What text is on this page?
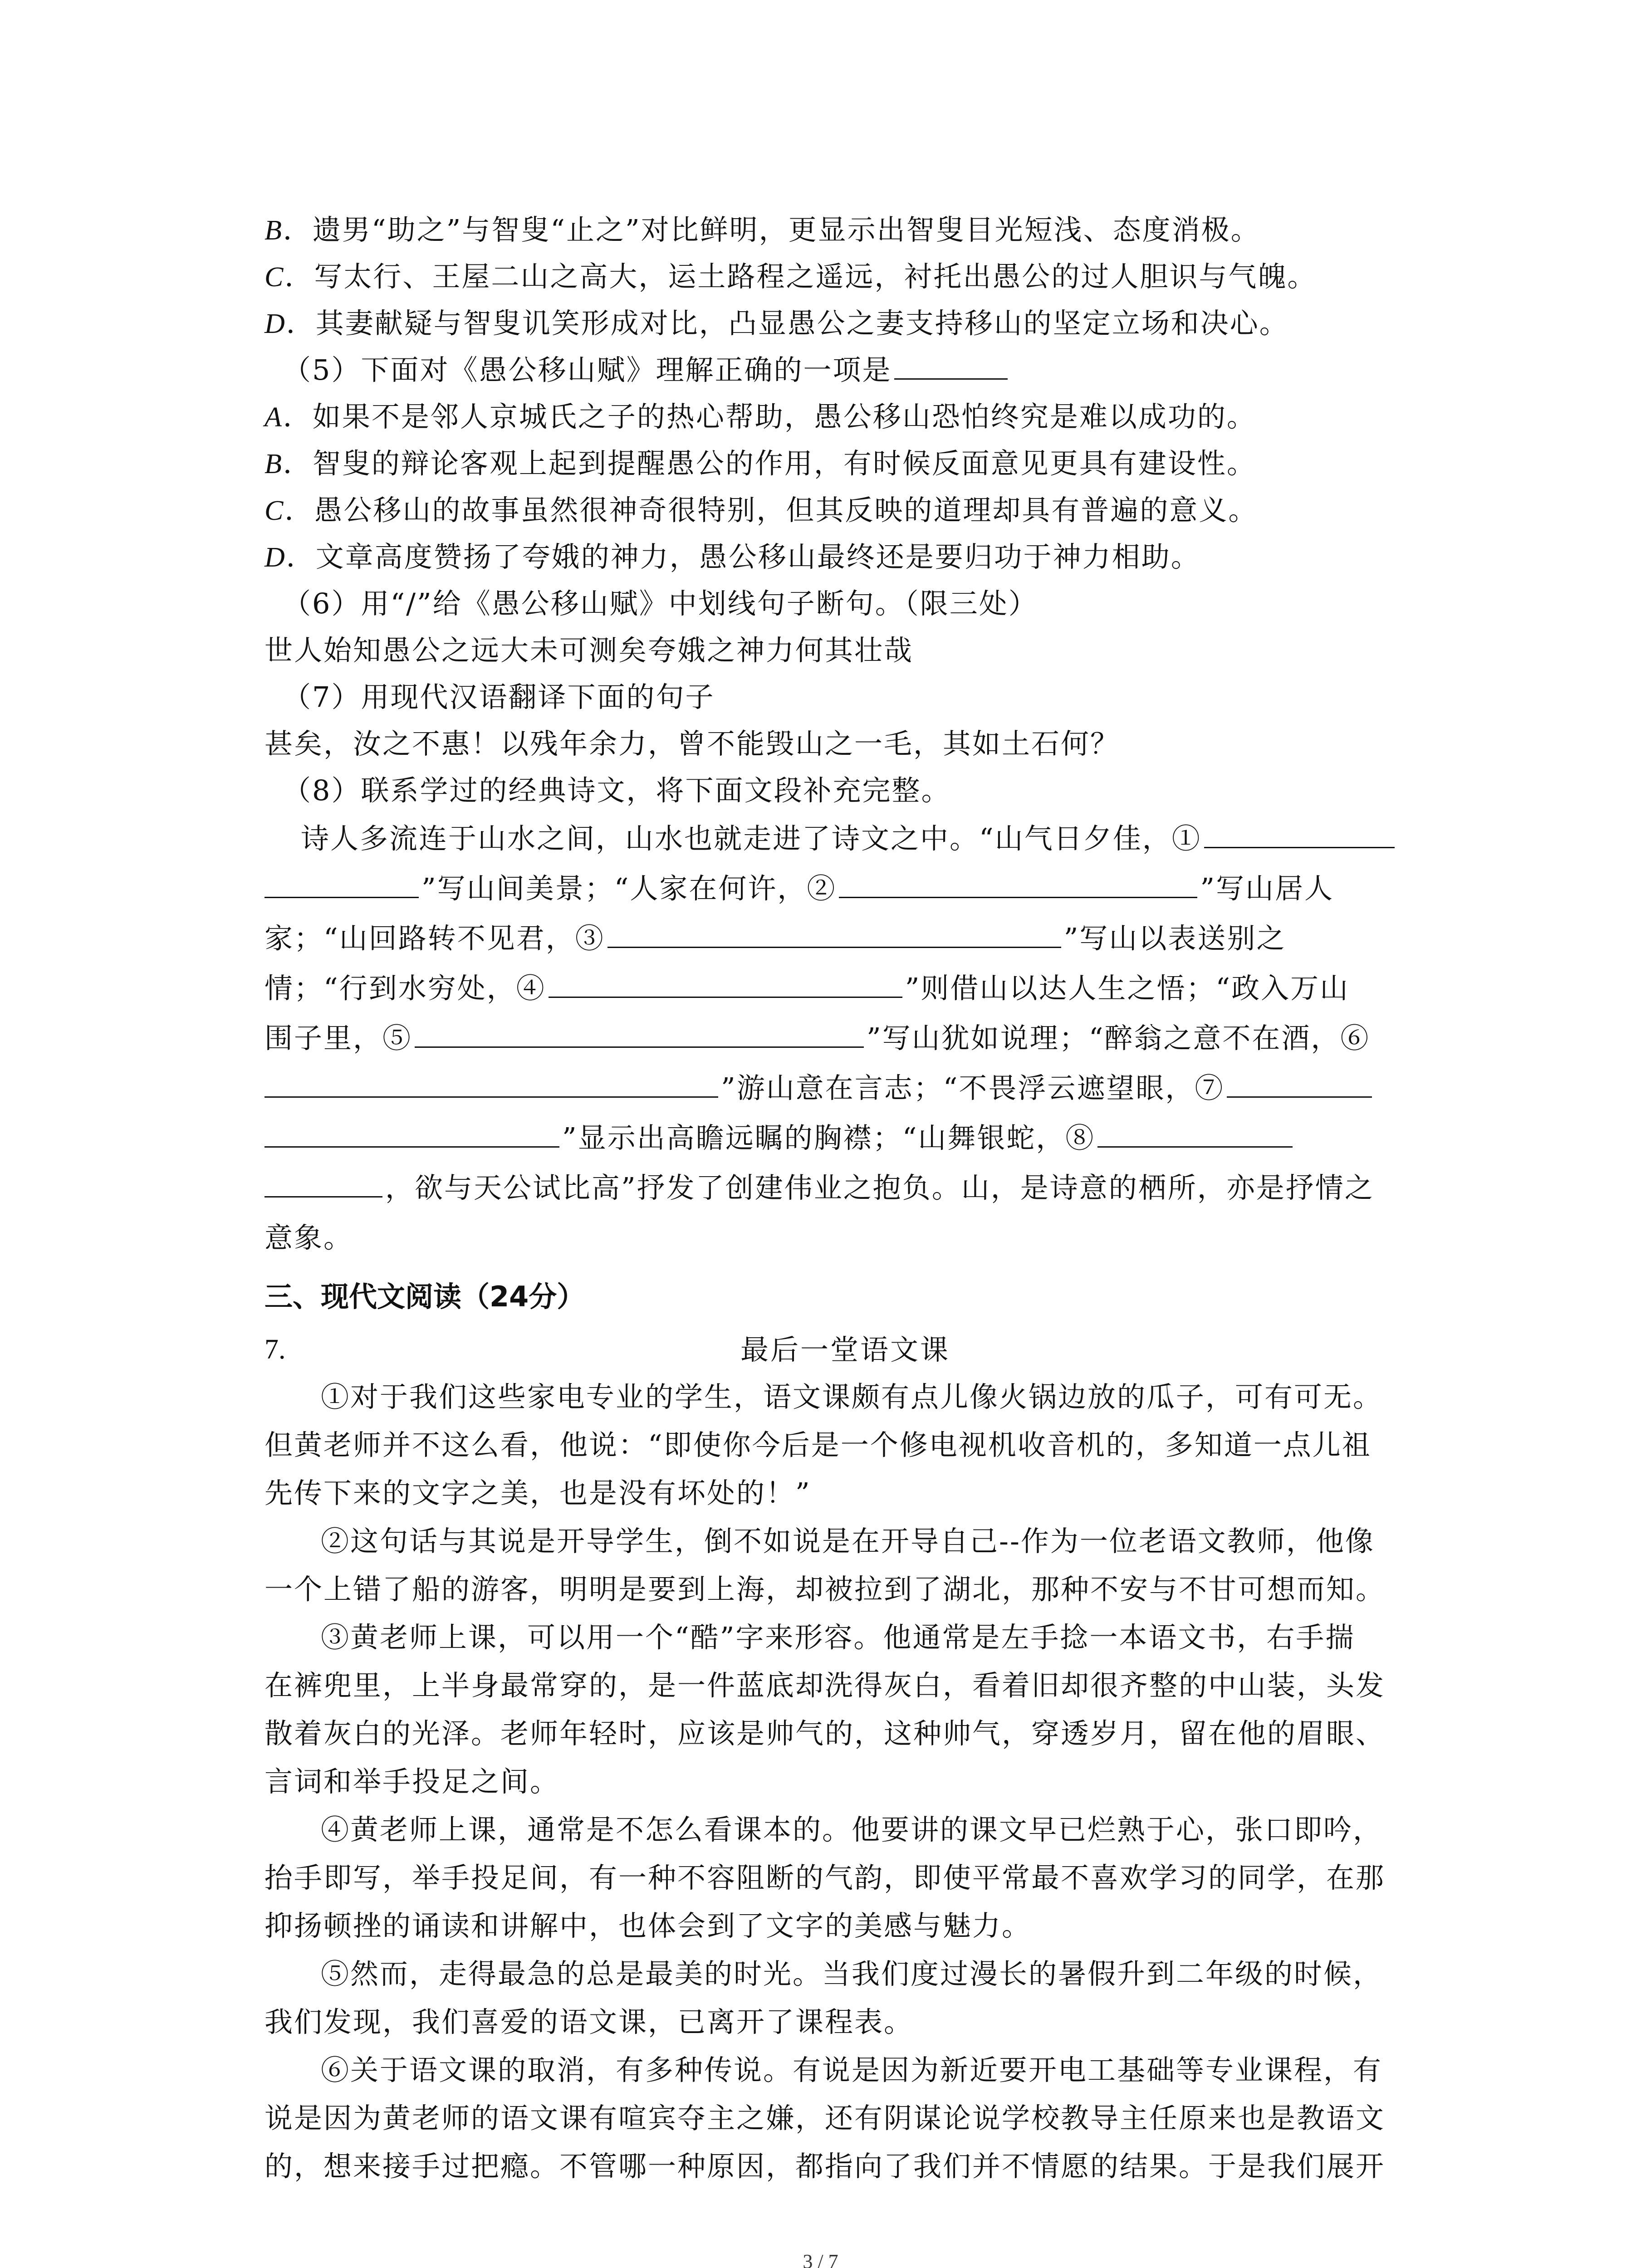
B．遗男“助之”与智叟“止之”对比鲜明，更显示出智叟目光短浅、态度消极。
C．写太行、王屋二山之高大，运土路程之遥远，衬托出愚公的过人胆识与气魄。
D．其妻献疑与智叟讥笑形成对比，凸显愚公之妻支持移山的坚定立场和决心。
（5）下面对《愚公移山赋》理解正确的一项是
A．如果不是邻人京城氏之子的热心帮助，愚公移山恐怕终究是难以成功的。
B．智叟的辩论客观上起到提醒愚公的作用，有时候反面意见更具有建设性。
C．愚公移山的故事虽然很神奇很特别，但其反映的道理却具有普遍的意义。
D．文章高度赞扬了夸娥的神力，愚公移山最终还是要归功于神力相助。
（6）用“/”给《愚公移山赋》中划线句子断句。（限三处）
世人始知愚公之远大未可测矣夸娥之神力何其壮哉
（7）用现代汉语翻译下面的句子
甚矣，汝之不惠！以残年余力，曾不能毁山之一毛，其如土石何？
（8）联系学过的经典诗文，将下面文段补充完整。
诗人多流连于山水之间，山水也就走进了诗文之中。“山气日夕佳，①
”写山间美景；“人家在何许，②	”写山居人
家；“山回路转不见君，③	”写山以表送别之
情；“行到水穷处，④	”则借山以达人生之悟；“政入万山
围子里，⑤	”写山犹如说理；“醉翁之意不在酒，⑥
”游山意在言志；“不畏浮云遮望眼，⑦
”显示出高瞻远瞩的胸襟；“山舞银蛇，⑧
，欲与天公试比高”抒发了创建伟业之抱负。山，是诗意的栖所，亦是抒情之
意象。
三、现代文阅读（24分）
7.	最后一堂语文课

①对于我们这些家电专业的学生，语文课颇有点儿像火锅边放的瓜子，可有可无。
但黄老师并不这么看，他说：“即使你今后是一个修电视机收音机的，多知道一点儿祖
先传下来的文字之美，也是没有坏处的！”

②这句话与其说是开导学生，倒不如说是在开导自己--作为一位老语文教师，他像
一个上错了船的游客，明明是要到上海，却被拉到了湖北，那种不安与不甘可想而知。

③黄老师上课，可以用一个“酷”字来形容。他通常是左手捻一本语文书，右手揣
在裤兜里，上半身最常穿的，是一件蓝底却洗得灰白，看着旧却很齐整的中山装，头发
散着灰白的光泽。老师年轻时，应该是帅气的，这种帅气，穿透岁月，留在他的眉眼、
言词和举手投足之间。

④黄老师上课，通常是不怎么看课本的。他要讲的课文早已烂熟于心，张口即吟，
抬手即写，举手投足间，有一种不容阻断的气韵，即使平常最不喜欢学习的同学，在那
抑扬顿挫的诵读和讲解中，也体会到了文字的美感与魅力。

⑤然而，走得最急的总是最美的时光。当我们度过漫长的暑假升到二年级的时候，
我们发现，我们喜爱的语文课，已离开了课程表。

⑥关于语文课的取消，有多种传说。有说是因为新近要开电工基础等专业课程，有
说是因为黄老师的语文课有喧宾夺主之嫌，还有阴谋论说学校教导主任原来也是教语文
的，想来接手过把瘾。不管哪一种原因，都指向了我们并不情愿的结果。于是我们展开

3 / 7
